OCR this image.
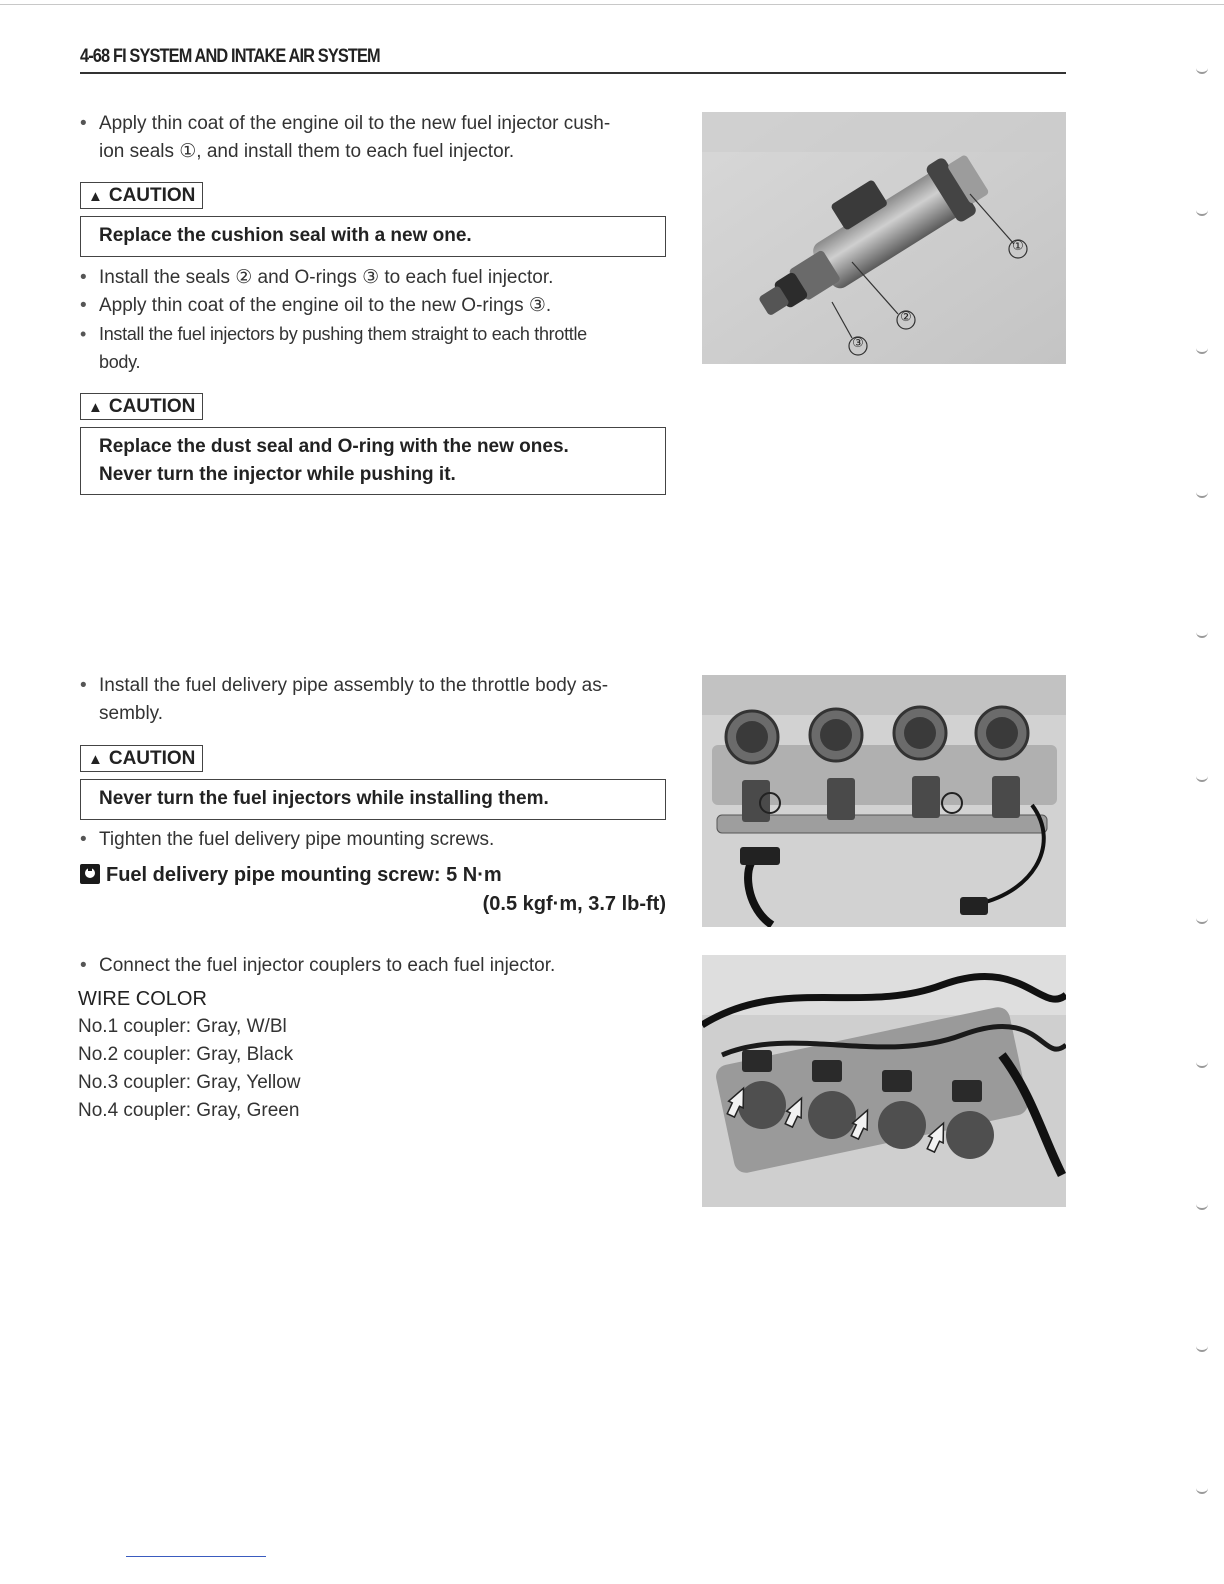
4-68 FI SYSTEM AND INTAKE AIR SYSTEM
• Apply thin coat of the engine oil to the new fuel injector cush-
ion seals ①, and install them to each fuel injector.
▲ CAUTION
Replace the cushion seal with a new one.
• Install the seals ② and O-rings ③ to each fuel injector.
• Apply thin coat of the engine oil to the new O-rings ③.
• Install the fuel injectors by pushing them straight to each throttle
body.
▲ CAUTION
Replace the dust seal and O-ring with the new ones.
Never turn the injector while pushing it.
①
②
③
• Install the fuel delivery pipe assembly to the throttle body as-
sembly.
▲ CAUTION
Never turn the fuel injectors while installing them.
• Tighten the fuel delivery pipe mounting screws.
Fuel delivery pipe mounting screw: 5 N·m
(0.5 kgf·m, 3.7 lb-ft)
• Connect the fuel injector couplers to each fuel injector.
WIRE COLOR
No.1 coupler: Gray, W/Bl
No.2 coupler: Gray, Black
No.3 coupler: Gray, Yellow
No.4 coupler: Gray, Green
